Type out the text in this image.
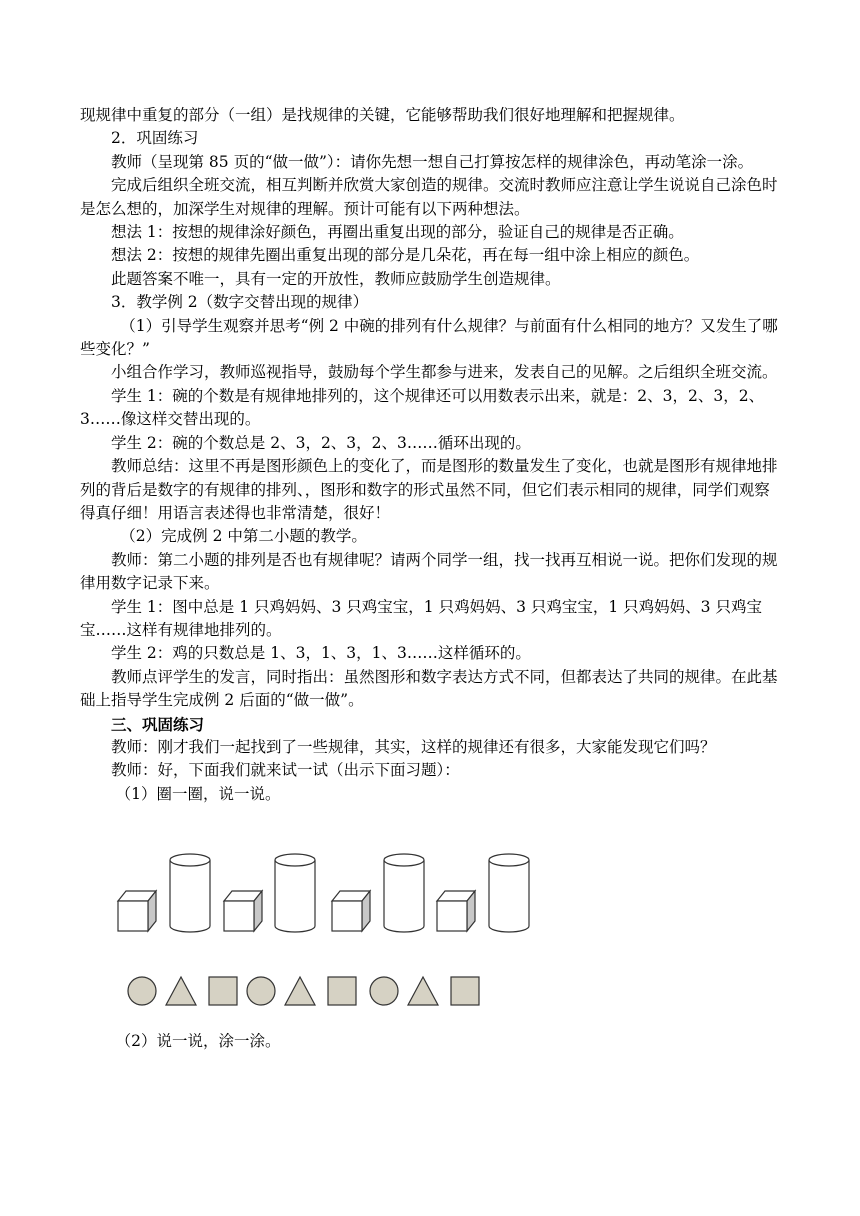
现规律中重复的部分（一组）是找规律的关键，它能够帮助我们很好地理解和把握规律。

2．巩固练习

教师（呈现第 85 页的“做一做”）：请你先想一想自己打算按怎样的规律涂色，再动笔涂一涂。

完成后组织全班交流，相互判断并欣赏大家创造的规律。交流时教师应注意让学生说说自己涂色时是怎么想的，加深学生对规律的理解。预计可能有以下两种想法。

想法 1：按想的规律涂好颜色，再圈出重复出现的部分，验证自己的规律是否正确。

想法 2：按想的规律先圈出重复出现的部分是几朵花，再在每一组中涂上相应的颜色。

此题答案不唯一，具有一定的开放性，教师应鼓励学生创造规律。

3．教学例 2（数字交替出现的规律）

（1）引导学生观察并思考“例 2 中碗的排列有什么规律？与前面有什么相同的地方？又发生了哪些变化？”

小组合作学习，教师巡视指导，鼓励每个学生都参与进来，发表自己的见解。之后组织全班交流。

学生 1：碗的个数是有规律地排列的，这个规律还可以用数表示出来，就是：2、3，2、3，2、3……像这样交替出现的。

学生 2：碗的个数总是 2、3，2、3，2、3……循环出现的。

教师总结：这里不再是图形颜色上的变化了，而是图形的数量发生了变化，也就是图形有规律地排列的背后是数字的有规律的排列、，图形和数字的形式虽然不同，但它们表示相同的规律，同学们观察得真仔细！用语言表述得也非常清楚，很好！

（2）完成例 2 中第二小题的教学。

教师：第二小题的排列是否也有规律呢？请两个同学一组，找一找再互相说一说。把你们发现的规律用数字记录下来。

学生 1：图中总是 1 只鸡妈妈、3 只鸡宝宝，1 只鸡妈妈、3 只鸡宝宝，1 只鸡妈妈、3 只鸡宝宝……这样有规律地排列的。

学生 2：鸡的只数总是 1、3，1、3，1、3……这样循环的。

教师点评学生的发言，同时指出：虽然图形和数字表达方式不同，但都表达了共同的规律。在此基础上指导学生完成例 2 后面的“做一做”。

三、巩固练习

教师：刚才我们一起找到了一些规律，其实，这样的规律还有很多，大家能发现它们吗？

教师：好，下面我们就来试一试（出示下面习题）：

（1）圈一圈，说一说。

（2）说一说，涂一涂。
